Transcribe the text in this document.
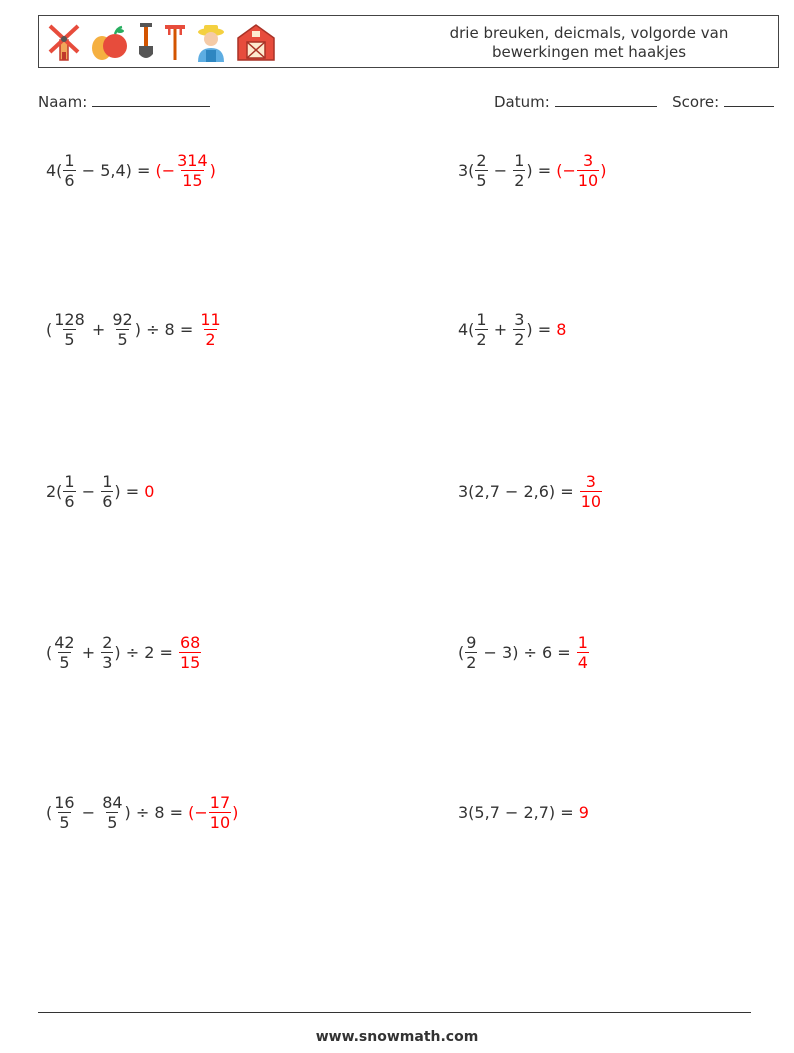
drie breuken, deicmals, volgorde van bewerkingen met haakjes
Naam:	Datum:	Score:
$4( \frac{1}{6} - 5,4)$ = (− $\frac{314}{15}$ )	$3( \frac{2}{5} - \frac{1}{2}$ ) = (− $\frac{3}{10}$ )
( $\frac{128}{5} + \frac{92}{5}$ ) ÷ $8 = \frac{11}{2}$	$4( \frac{1}{2} + \frac{3}{2}$ ) = 8
$2( \frac{1}{6} - \frac{1}{6}$ ) = 0	$3(2,7 - 2,6) = \frac{3}{10}$
( $\frac{42}{5} + \frac{2}{3}$ ) ÷ $2 = \frac{68}{15}$	( $\frac{9}{2} - 3) \div 6 = \frac{1}{4}$
( $\frac{16}{5} - \frac{84}{5}$ ) ÷ 8 = (− $\frac{17}{10}$ )	3(5,7 − 2,7) = 9
www.snowmath.com
